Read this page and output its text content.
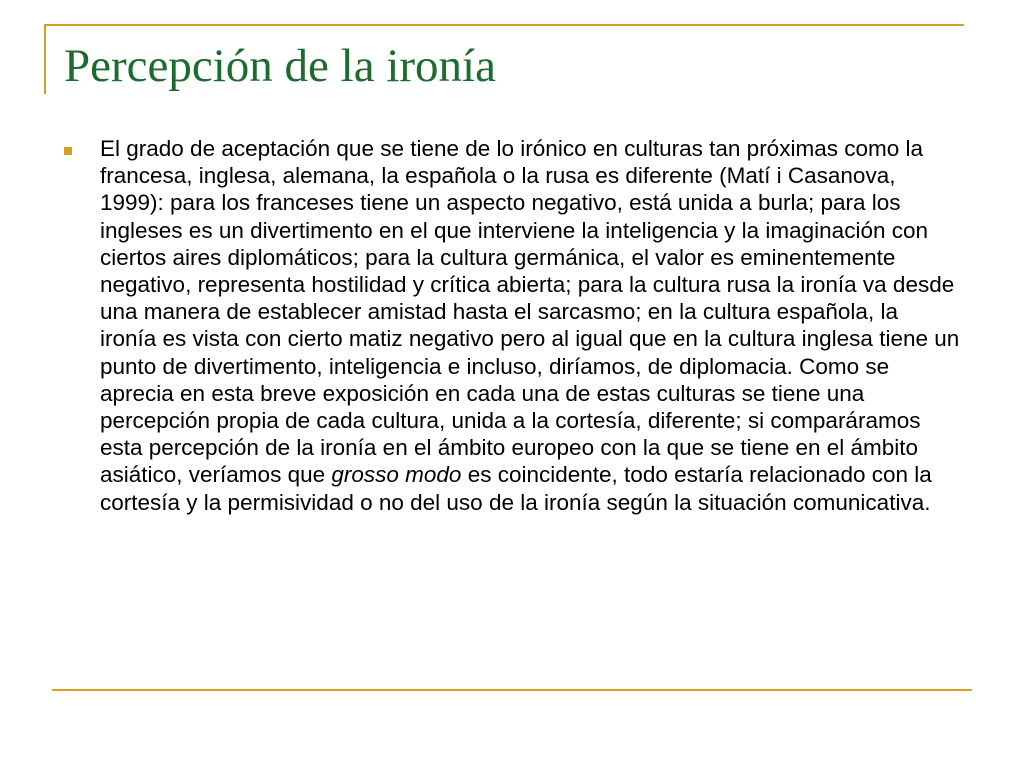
Percepción de la ironía

El grado de aceptación que se tiene de lo irónico en culturas tan próximas como la francesa, inglesa, alemana, la española o la rusa es diferente (Matí i Casanova, 1999): para los franceses tiene un aspecto negativo, está unida a burla; para los ingleses es un divertimento en el que interviene la inteligencia y la imaginación con ciertos aires diplomáticos; para la cultura germánica, el valor es eminentemente negativo, representa hostilidad y crítica abierta; para la cultura rusa la ironía va desde una manera de establecer amistad hasta el sarcasmo; en la cultura española, la ironía es vista con cierto matiz negativo pero al igual que en la cultura inglesa tiene un punto de divertimento, inteligencia e incluso, diríamos, de diplomacia. Como se aprecia en esta breve exposición en cada una de estas culturas se tiene una percepción propia de cada cultura, unida a la cortesía, diferente; si comparáramos esta percepción de la ironía en el ámbito europeo con la que se tiene en el ámbito asiático, veríamos que grosso modo es coincidente, todo estaría relacionado con la cortesía y la permisividad o no del uso de la ironía según la situación comunicativa.
